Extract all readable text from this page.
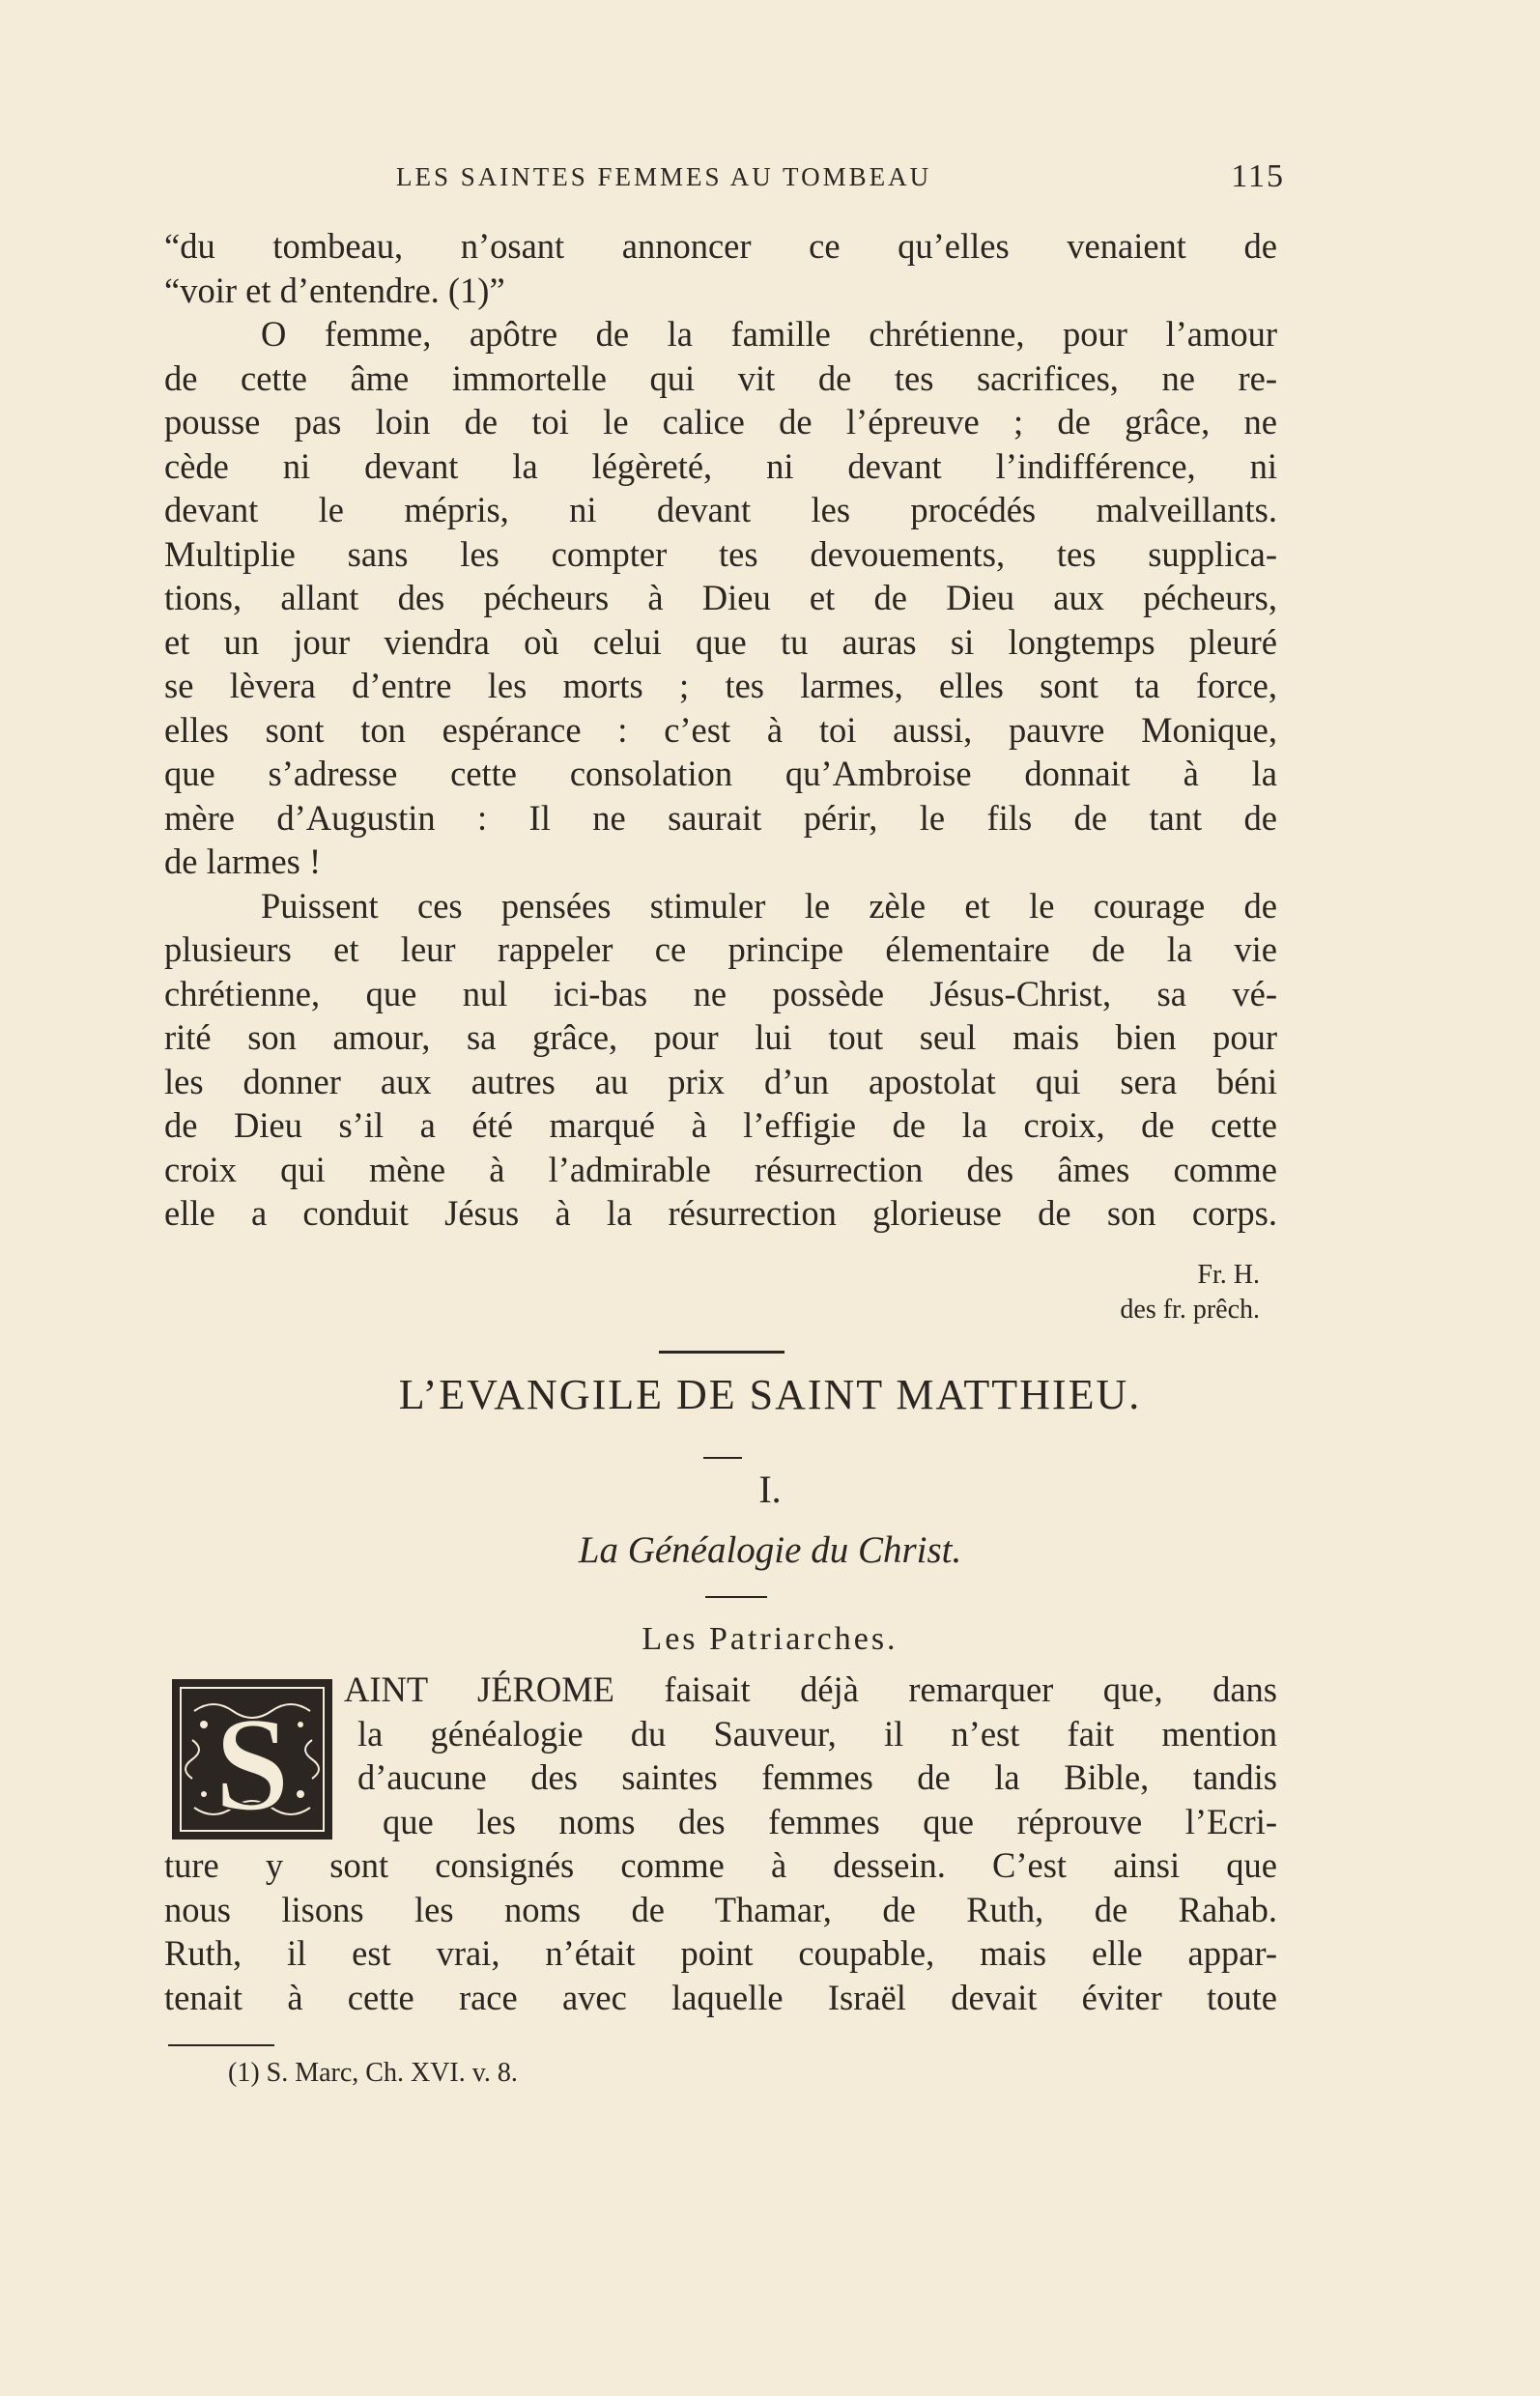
LES SAINTES FEMMES AU TOMBEAU	115
“du tombeau, n’osant annoncer ce qu’elles venaient de
“voir et d’entendre. (1)”
O femme, apôtre de la famille chrétienne, pour l’amour
de cette âme immortelle qui vit de tes sacrifices, ne re-
pousse pas loin de toi le calice de l’épreuve ; de grâce, ne
cède ni devant la légèreté, ni devant l’indifférence, ni
devant le mépris, ni devant les procédés malveillants.
Multiplie sans les compter tes devouements, tes supplica-
tions, allant des pécheurs à Dieu et de Dieu aux pécheurs,
et un jour viendra où celui que tu auras si longtemps pleuré
se lèvera d’entre les morts ; tes larmes, elles sont ta force,
elles sont ton espérance : c’est à toi aussi, pauvre Monique,
que s’adresse cette consolation qu’Ambroise donnait à la
mère d’Augustin : Il ne saurait périr, le fils de tant de
de larmes !
Puissent ces pensées stimuler le zèle et le courage de
plusieurs et leur rappeler ce principe élementaire de la vie
chrétienne, que nul ici-bas ne possède Jésus-Christ, sa vé-
rité son amour, sa grâce, pour lui tout seul mais bien pour
les donner aux autres au prix d’un apostolat qui sera béni
de Dieu s’il a été marqué à l’effigie de la croix, de cette
croix qui mène à l’admirable résurrection des âmes comme
elle a conduit Jésus à la résurrection glorieuse de son corps.
Fr. H.
des fr. prêch.
L’EVANGILE DE SAINT MATTHIEU.
I.
La Généalogie du Christ.
Les Patriarches.
S
AINT JÉROME faisait déjà remarquer que, dans
la généalogie du Sauveur, il n’est fait mention
d’aucune des saintes femmes de la Bible, tandis
que les noms des femmes que réprouve l’Ecri-
ture y sont consignés comme à dessein. C’est ainsi que
nous lisons les noms de Thamar, de Ruth, de Rahab.
Ruth, il est vrai, n’était point coupable, mais elle appar-
tenait à cette race avec laquelle Israël devait éviter toute
(1) S. Marc, Ch. XVI. v. 8.
